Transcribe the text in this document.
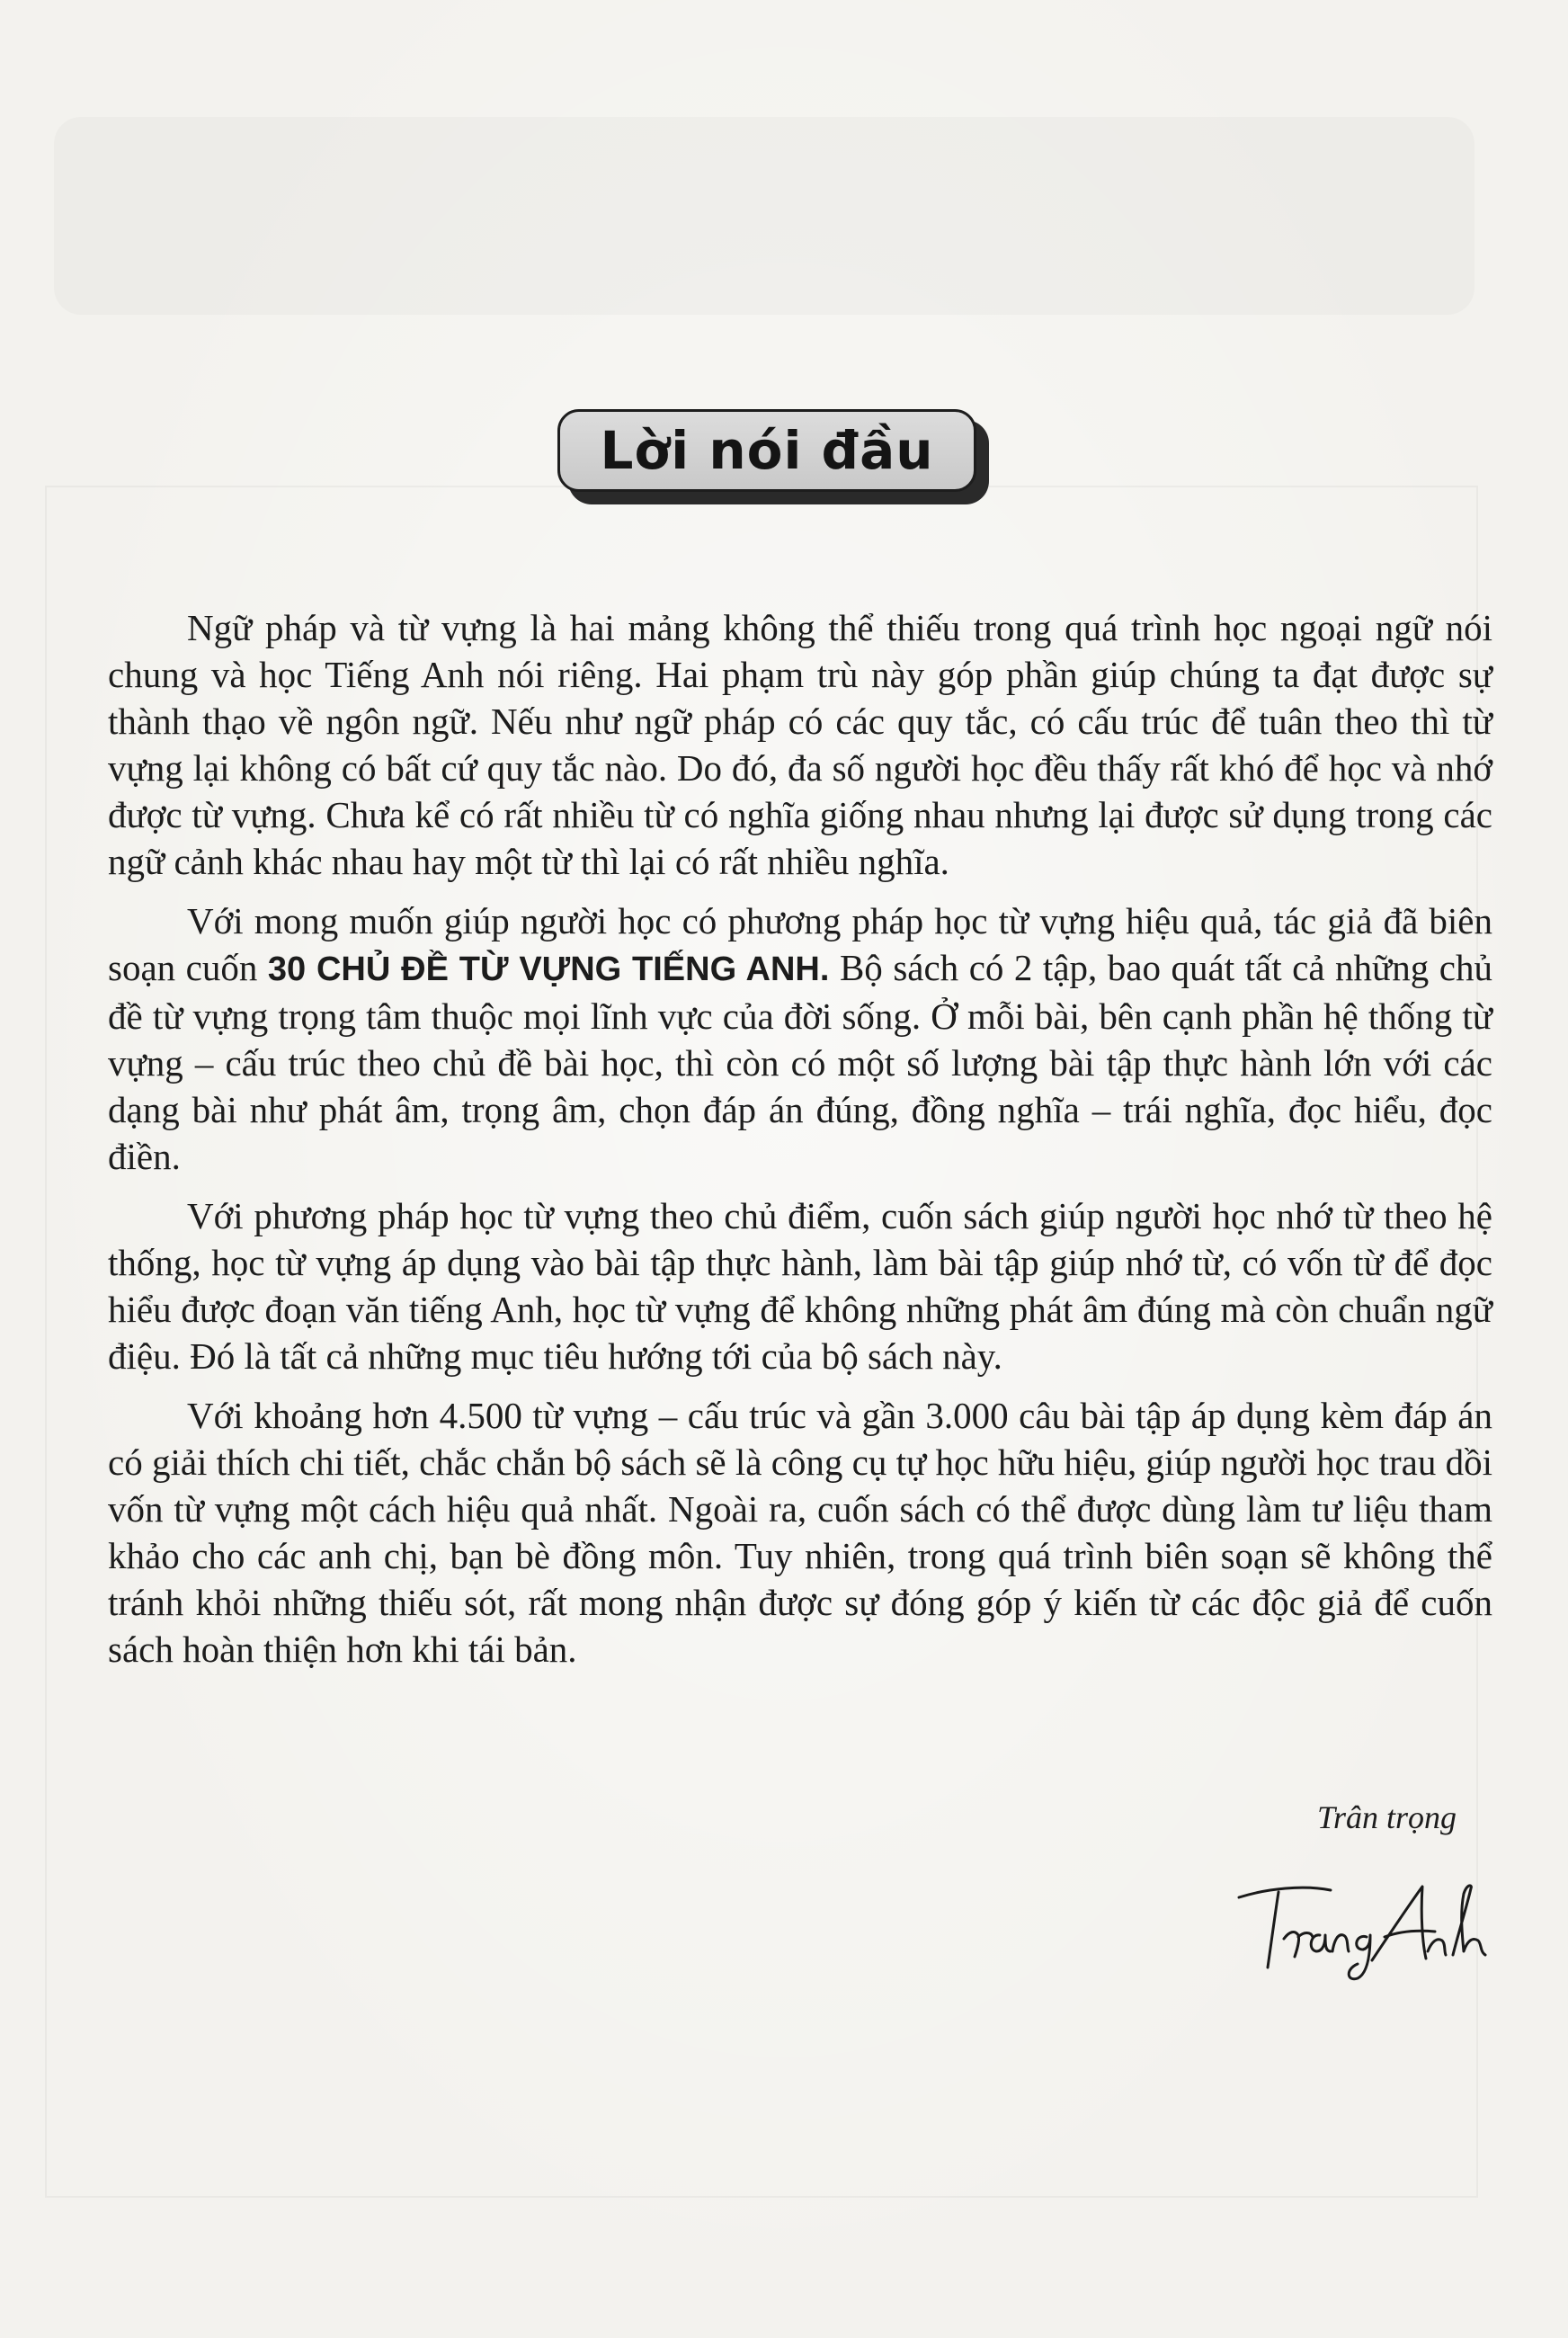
Lời nói đầu

Ngữ pháp và từ vựng là hai mảng không thể thiếu trong quá trình học ngoại ngữ nói chung và học Tiếng Anh nói riêng. Hai phạm trù này góp phần giúp chúng ta đạt được sự thành thạo về ngôn ngữ. Nếu như ngữ pháp có các quy tắc, có cấu trúc để tuân theo thì từ vựng lại không có bất cứ quy tắc nào. Do đó, đa số người học đều thấy rất khó để học và nhớ được từ vựng. Chưa kể có rất nhiều từ có nghĩa giống nhau nhưng lại được sử dụng trong các ngữ cảnh khác nhau hay một từ thì lại có rất nhiều nghĩa.

Với mong muốn giúp người học có phương pháp học từ vựng hiệu quả, tác giả đã biên soạn cuốn 30 CHỦ ĐỀ TỪ VỰNG TIẾNG ANH. Bộ sách có 2 tập, bao quát tất cả những chủ đề từ vựng trọng tâm thuộc mọi lĩnh vực của đời sống. Ở mỗi bài, bên cạnh phần hệ thống từ vựng – cấu trúc theo chủ đề bài học, thì còn có một số lượng bài tập thực hành lớn với các dạng bài như phát âm, trọng âm, chọn đáp án đúng, đồng nghĩa – trái nghĩa, đọc hiểu, đọc điền.

Với phương pháp học từ vựng theo chủ điểm, cuốn sách giúp người học nhớ từ theo hệ thống, học từ vựng áp dụng vào bài tập thực hành, làm bài tập giúp nhớ từ, có vốn từ để đọc hiểu được đoạn văn tiếng Anh, học từ vựng để không những phát âm đúng mà còn chuẩn ngữ điệu. Đó là tất cả những mục tiêu hướng tới của bộ sách này.

Với khoảng hơn 4.500 từ vựng – cấu trúc và gần 3.000 câu bài tập áp dụng kèm đáp án có giải thích chi tiết, chắc chắn bộ sách sẽ là công cụ tự học hữu hiệu, giúp người học trau dồi vốn từ vựng một cách hiệu quả nhất. Ngoài ra, cuốn sách có thể được dùng làm tư liệu tham khảo cho các anh chị, bạn bè đồng môn. Tuy nhiên, trong quá trình biên soạn sẽ không thể tránh khỏi những thiếu sót, rất mong nhận được sự đóng góp ý kiến từ các độc giả để cuốn sách hoàn thiện hơn khi tái bản.

Trân trọng
